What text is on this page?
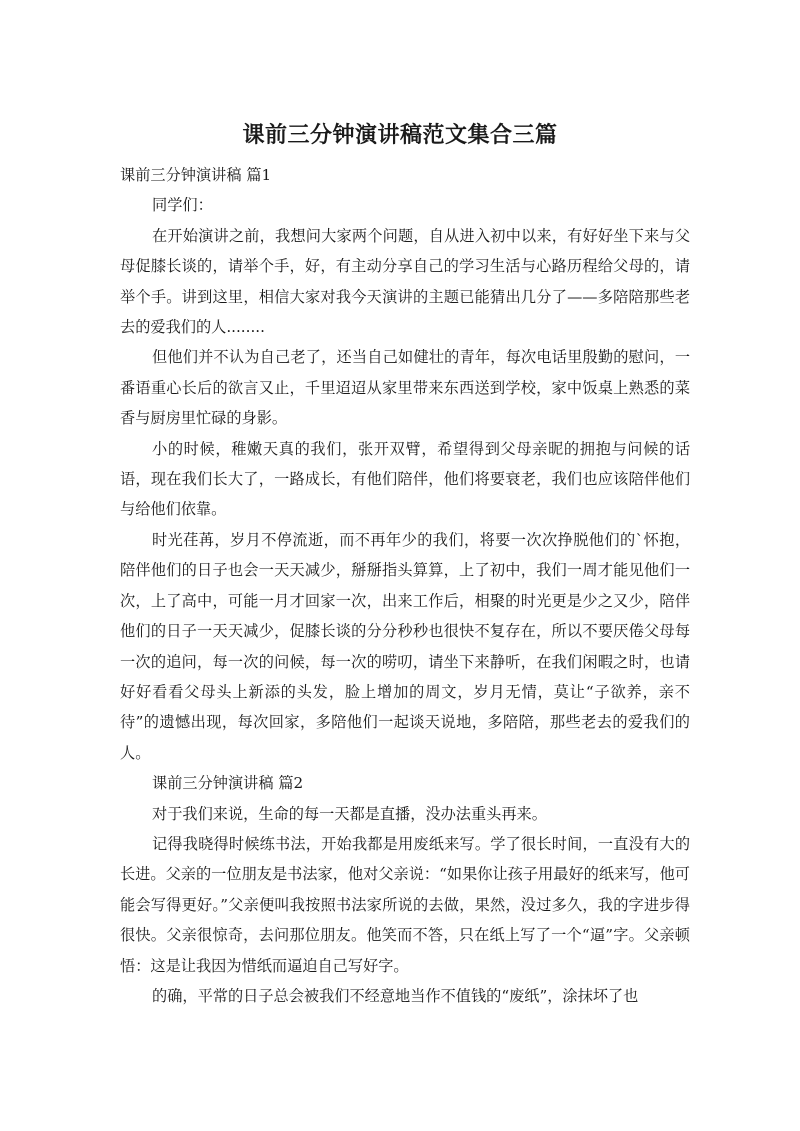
课前三分钟演讲稿范文集合三篇

课前三分钟演讲稿 篇1

同学们：

在开始演讲之前，我想问大家两个问题，自从进入初中以来，有好好坐下来与父母促膝长谈的，请举个手，好，有主动分享自己的学习生活与心路历程给父母的，请举个手。讲到这里，相信大家对我今天演讲的主题已能猜出几分了——多陪陪那些老去的爱我们的人........

但他们并不认为自己老了，还当自己如健壮的青年，每次电话里殷勤的慰问，一番语重心长后的欲言又止，千里迢迢从家里带来东西送到学校，家中饭桌上熟悉的菜香与厨房里忙碌的身影。

小的时候，稚嫩天真的我们，张开双臂，希望得到父母亲昵的拥抱与问候的话语，现在我们长大了，一路成长，有他们陪伴，他们将要衰老，我们也应该陪伴他们与给他们依靠。

时光荏苒，岁月不停流逝，而不再年少的我们，将要一次次挣脱他们的`怀抱，陪伴他们的日子也会一天天减少，掰掰指头算算，上了初中，我们一周才能见他们一次，上了高中，可能一月才回家一次，出来工作后，相聚的时光更是少之又少，陪伴他们的日子一天天减少，促膝长谈的分分秒秒也很快不复存在，所以不要厌倦父母每一次的追问，每一次的问候，每一次的唠叨，请坐下来静听，在我们闲暇之时，也请好好看看父母头上新添的头发，脸上增加的周文，岁月无情，莫让“子欲养，亲不待”的遗憾出现，每次回家，多陪他们一起谈天说地，多陪陪，那些老去的爱我们的人。

课前三分钟演讲稿 篇2

对于我们来说，生命的每一天都是直播，没办法重头再来。

记得我晓得时候练书法，开始我都是用废纸来写。学了很长时间，一直没有大的长进。父亲的一位朋友是书法家，他对父亲说：“如果你让孩子用最好的纸来写，他可能会写得更好。”父亲便叫我按照书法家所说的去做，果然，没过多久，我的字进步得很快。父亲很惊奇，去问那位朋友。他笑而不答，只在纸上写了一个“逼”字。父亲顿悟：这是让我因为惜纸而逼迫自己写好字。

的确，平常的日子总会被我们不经意地当作不值钱的“废纸”，涂抹坏了也
